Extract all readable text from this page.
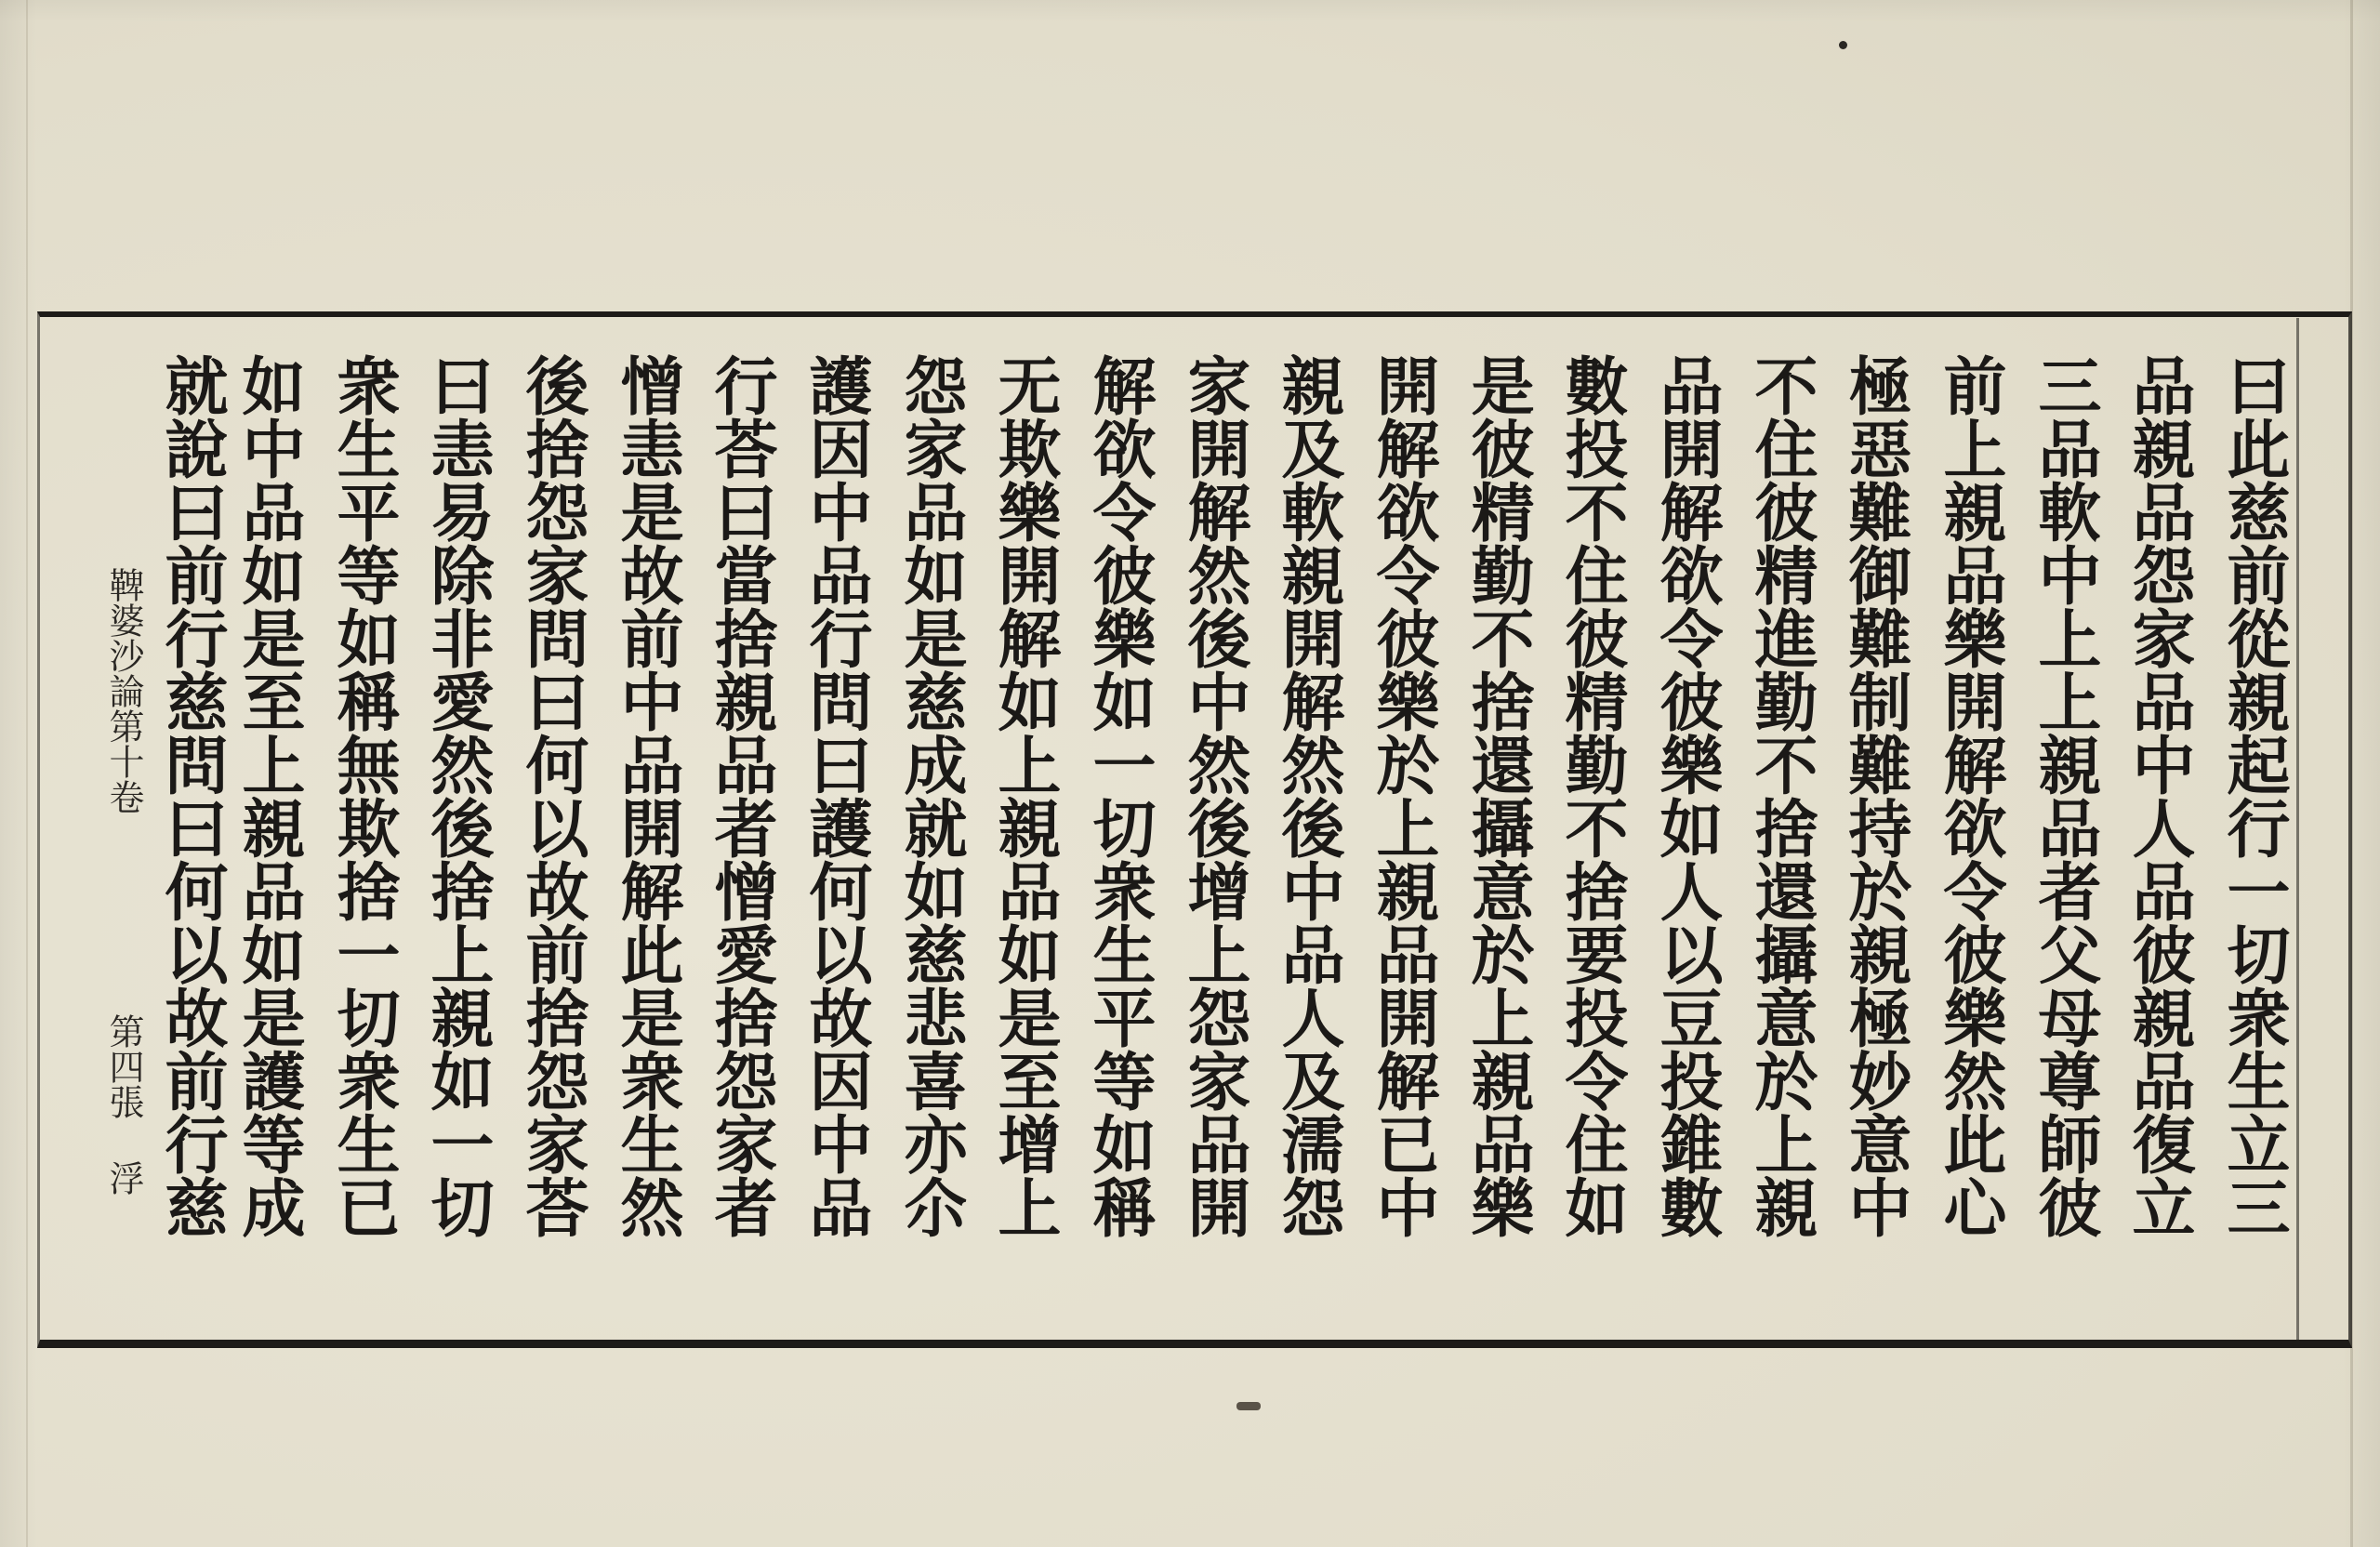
曰此慈前從親起行一切衆生立三
品親品怨家品中人品彼親品復立
三品軟中上上親品者父母尊師彼
前上親品樂開解欲令彼樂然此心
極惡難御難制難持於親極妙意中
不住彼精進勤不捨還攝意於上親
品開解欲令彼樂如人以豆投錐數
數投不住彼精勤不捨要投令住如
是彼精勤不捨還攝意於上親品樂
開解欲令彼樂於上親品開解已中
親及軟親開解然後中品人及濡怨
家開解然後中然後增上怨家品開
解欲令彼樂如一切衆生平等如稱
无欺樂開解如上親品如是至增上
怨家品如是慈成就如慈悲喜亦尒
護因中品行問曰護何以故因中品
行荅曰當捨親品者憎愛捨怨家者
憎恚是故前中品開解此是衆生然
後捨怨家問曰何以故前捨怨家荅
曰恚易除非愛然後捨上親如一切
衆生平等如稱無欺捨一切衆生已
如中品如是至上親品如是護等成
就說曰前行慈問曰何以故前行慈
鞞婆沙論第十卷
第四張 浮
